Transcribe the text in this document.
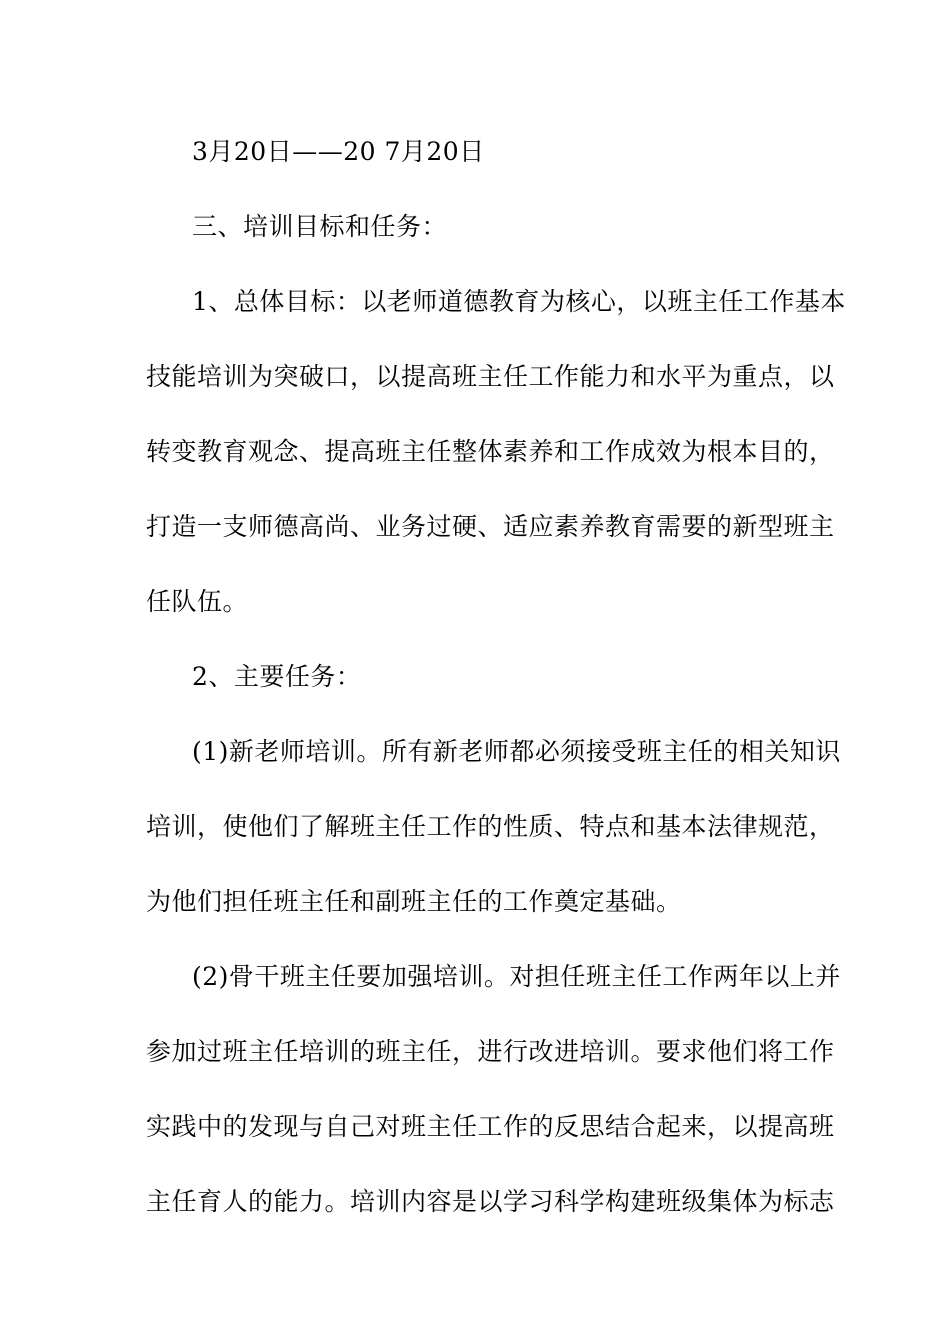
3月20日——20 7月20日
三、培训目标和任务：
1、总体目标：以老师道德教育为核心，以班主任工作基本
技能培训为突破口，以提高班主任工作能力和水平为重点，以
转变教育观念、提高班主任整体素养和工作成效为根本目的，
打造一支师德高尚、业务过硬、适应素养教育需要的新型班主
任队伍。
2、主要任务：
(1)新老师培训。所有新老师都必须接受班主任的相关知识
培训，使他们了解班主任工作的性质、特点和基本法律规范，
为他们担任班主任和副班主任的工作奠定基础。
(2)骨干班主任要加强培训。对担任班主任工作两年以上并
参加过班主任培训的班主任，进行改进培训。要求他们将工作
实践中的发现与自己对班主任工作的反思结合起来，以提高班
主任育人的能力。培训内容是以学习科学构建班级集体为标志
